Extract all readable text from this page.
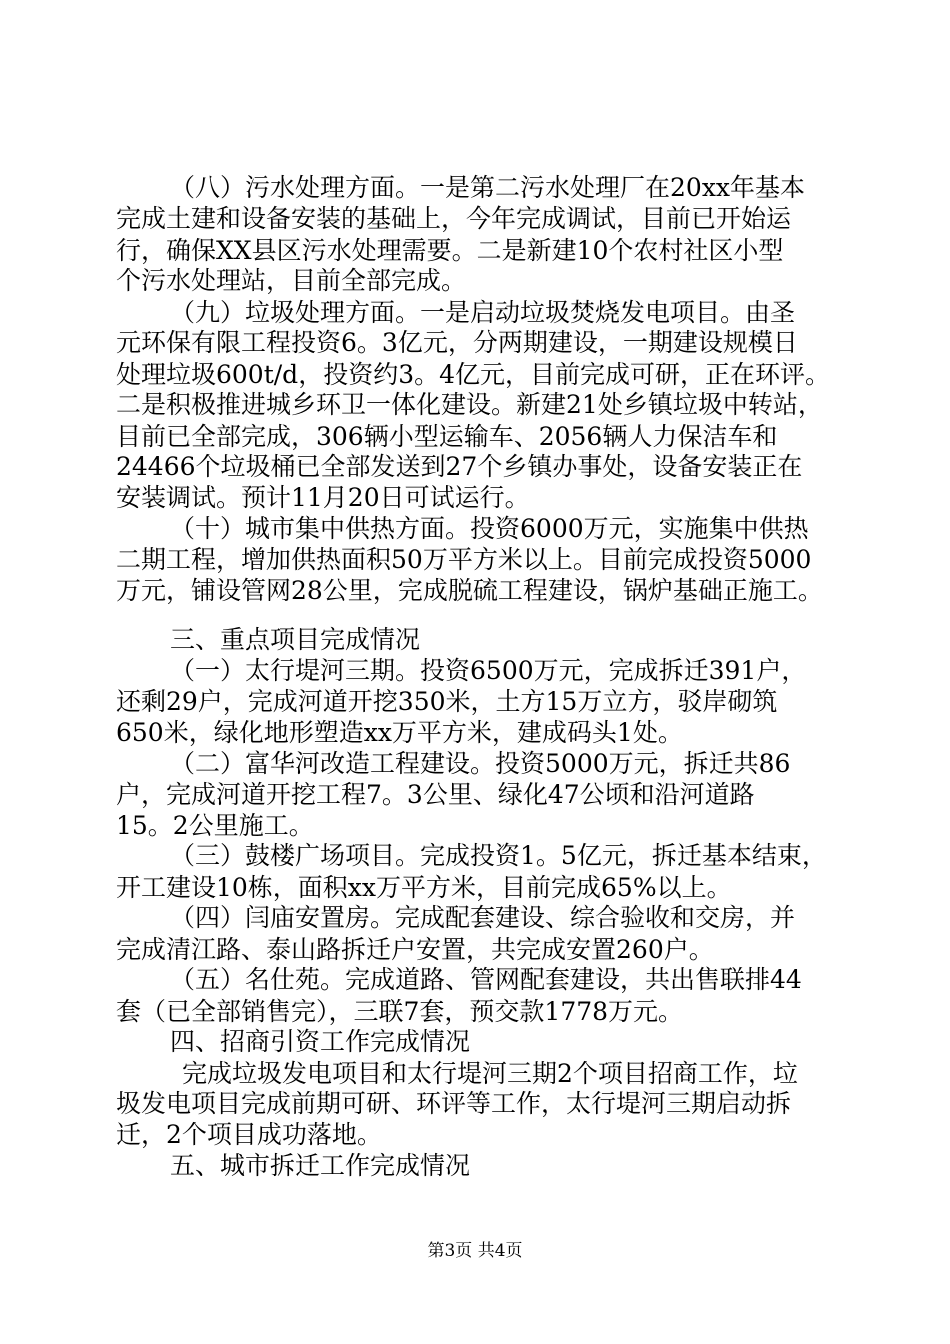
（八）污水处理方面。一是第二污水处理厂在20xx年基本
完成土建和设备安装的基础上，今年完成调试，目前已开始运
行，确保XX县区污水处理需要。二是新建10个农村社区小型
个污水处理站，目前全部完成。
（九）垃圾处理方面。一是启动垃圾焚烧发电项目。由圣
元环保有限工程投资6。3亿元，分两期建设，一期建设规模日
处理垃圾600t/d，投资约3。4亿元，目前完成可研，正在环评。
二是积极推进城乡环卫一体化建设。新建21处乡镇垃圾中转站，
目前已全部完成，306辆小型运输车、2056辆人力保洁车和
24466个垃圾桶已全部发送到27个乡镇办事处，设备安装正在
安装调试。预计11月20日可试运行。
（十）城市集中供热方面。投资6000万元，实施集中供热
二期工程，增加供热面积50万平方米以上。目前完成投资5000
万元，铺设管网28公里，完成脱硫工程建设，锅炉基础正施工。
三、重点项目完成情况
（一）太行堤河三期。投资6500万元，完成拆迁391户，
还剩29户，完成河道开挖350米，土方15万立方，驳岸砌筑
650米，绿化地形塑造xx万平方米，建成码头1处。
（二）富华河改造工程建设。投资5000万元，拆迁共86
户，完成河道开挖工程7。3公里、绿化47公顷和沿河道路
15。2公里施工。
（三）鼓楼广场项目。完成投资1。5亿元，拆迁基本结束，
开工建设10栋，面积xx万平方米，目前完成65%以上。
（四）闫庙安置房。完成配套建设、综合验收和交房，并
完成清江路、泰山路拆迁户安置，共完成安置260户。
（五）名仕苑。完成道路、管网配套建设，共出售联排44
套（已全部销售完），三联7套，预交款1778万元。
四、招商引资工作完成情况
完成垃圾发电项目和太行堤河三期2个项目招商工作，垃
圾发电项目完成前期可研、环评等工作，太行堤河三期启动拆
迁，2个项目成功落地。
五、城市拆迁工作完成情况
第3页 共4页
